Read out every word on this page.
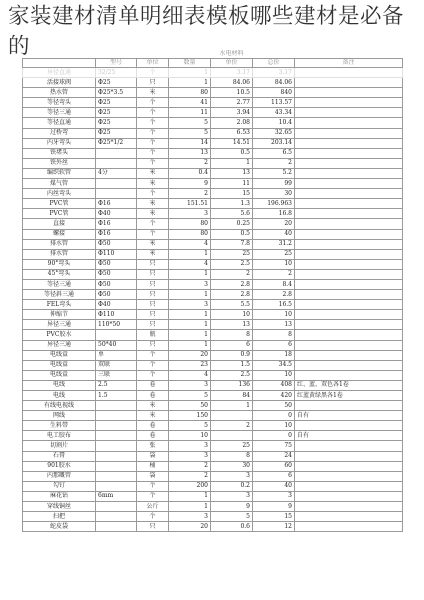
家装建材清单明细表模板哪些建材是必备的
				水电材料			
	型号	单位	数量	单价	总价	备注
异径直通	32/25	个	1	3.17	3.17	
活接球阀	Φ25	只	1	84.06	84.06	
热水管	Φ25*3.5	米	80	10.5	840	
等径弯头	Φ25	个	41	2.77	113.57	
等径三通	Φ25	个	11	3.94	43.34	
等径直通	Φ25	个	5	2.08	10.4	
过桥弯	Φ25	个	5	6.53	32.65	
内牙弯头	Φ25*1/2	个	14	14.51	203.14	
铁堵头		个	13	0.5	6.5	
铁外丝		个	2	1	2	
编织软管	4分	米	0.4	13	5.2	
煤气管		米	9	11	99	
内丝弯头		个	2	15	30	
PVC管	Φ16	米	151.51	1.3	196.963	
PVC管	Φ40	米	3	5.6	16.8	
直接	Φ16	个	80	0.25	20	
螺接	Φ16	个	80	0.5	40	
排水管	Φ50	米	4	7.8	31.2	
排水管	Φ110	米	1	25	25	
90°弯头	Φ50	只	4	2.5	10	
45°弯头	Φ50	只	1	2	2	
等径三通	Φ50	只	3	2.8	8.4	
等径斜三通	Φ50	只	1	2.8	2.8	
FEL弯头	Φ40	只	3	5.5	16.5	
伸缩节	Φ110	只	1	10	10	
异径三通	110*50	只	1	13	13	
PVC胶水		瓶	1	8	8	
异径三通	50*40	只	1	6	6	
电线盒	单	个	20	0.9	18	
电线盒	双联	个	23	1.5	34.5	
电线盒	三联	个	4	2.5	10	
电线	2.5	卷	3	136	408	红、蓝、双色各1卷
电线	1.5	卷	5	84	420	红蓝黄绿黑各1卷
有线电视线		米	50	1	50	
网线		米	150		0	自有
生料带		卷	5	2	10	
电工胶布		卷	10		0	自有
切割片		张	3	25	75	
石膏		袋	3	8	24	
901胶水		桶	2	30	60	
内那嘅管		袋	2	3	6	
勾钉		个	200	0.2	40	
麻花钻	6mm	个	1	3	3	
穿线铜丝		公斤	1	9	9	
扫把		个	3	5	15	
蛇皮袋		只	20	0.6	12	
